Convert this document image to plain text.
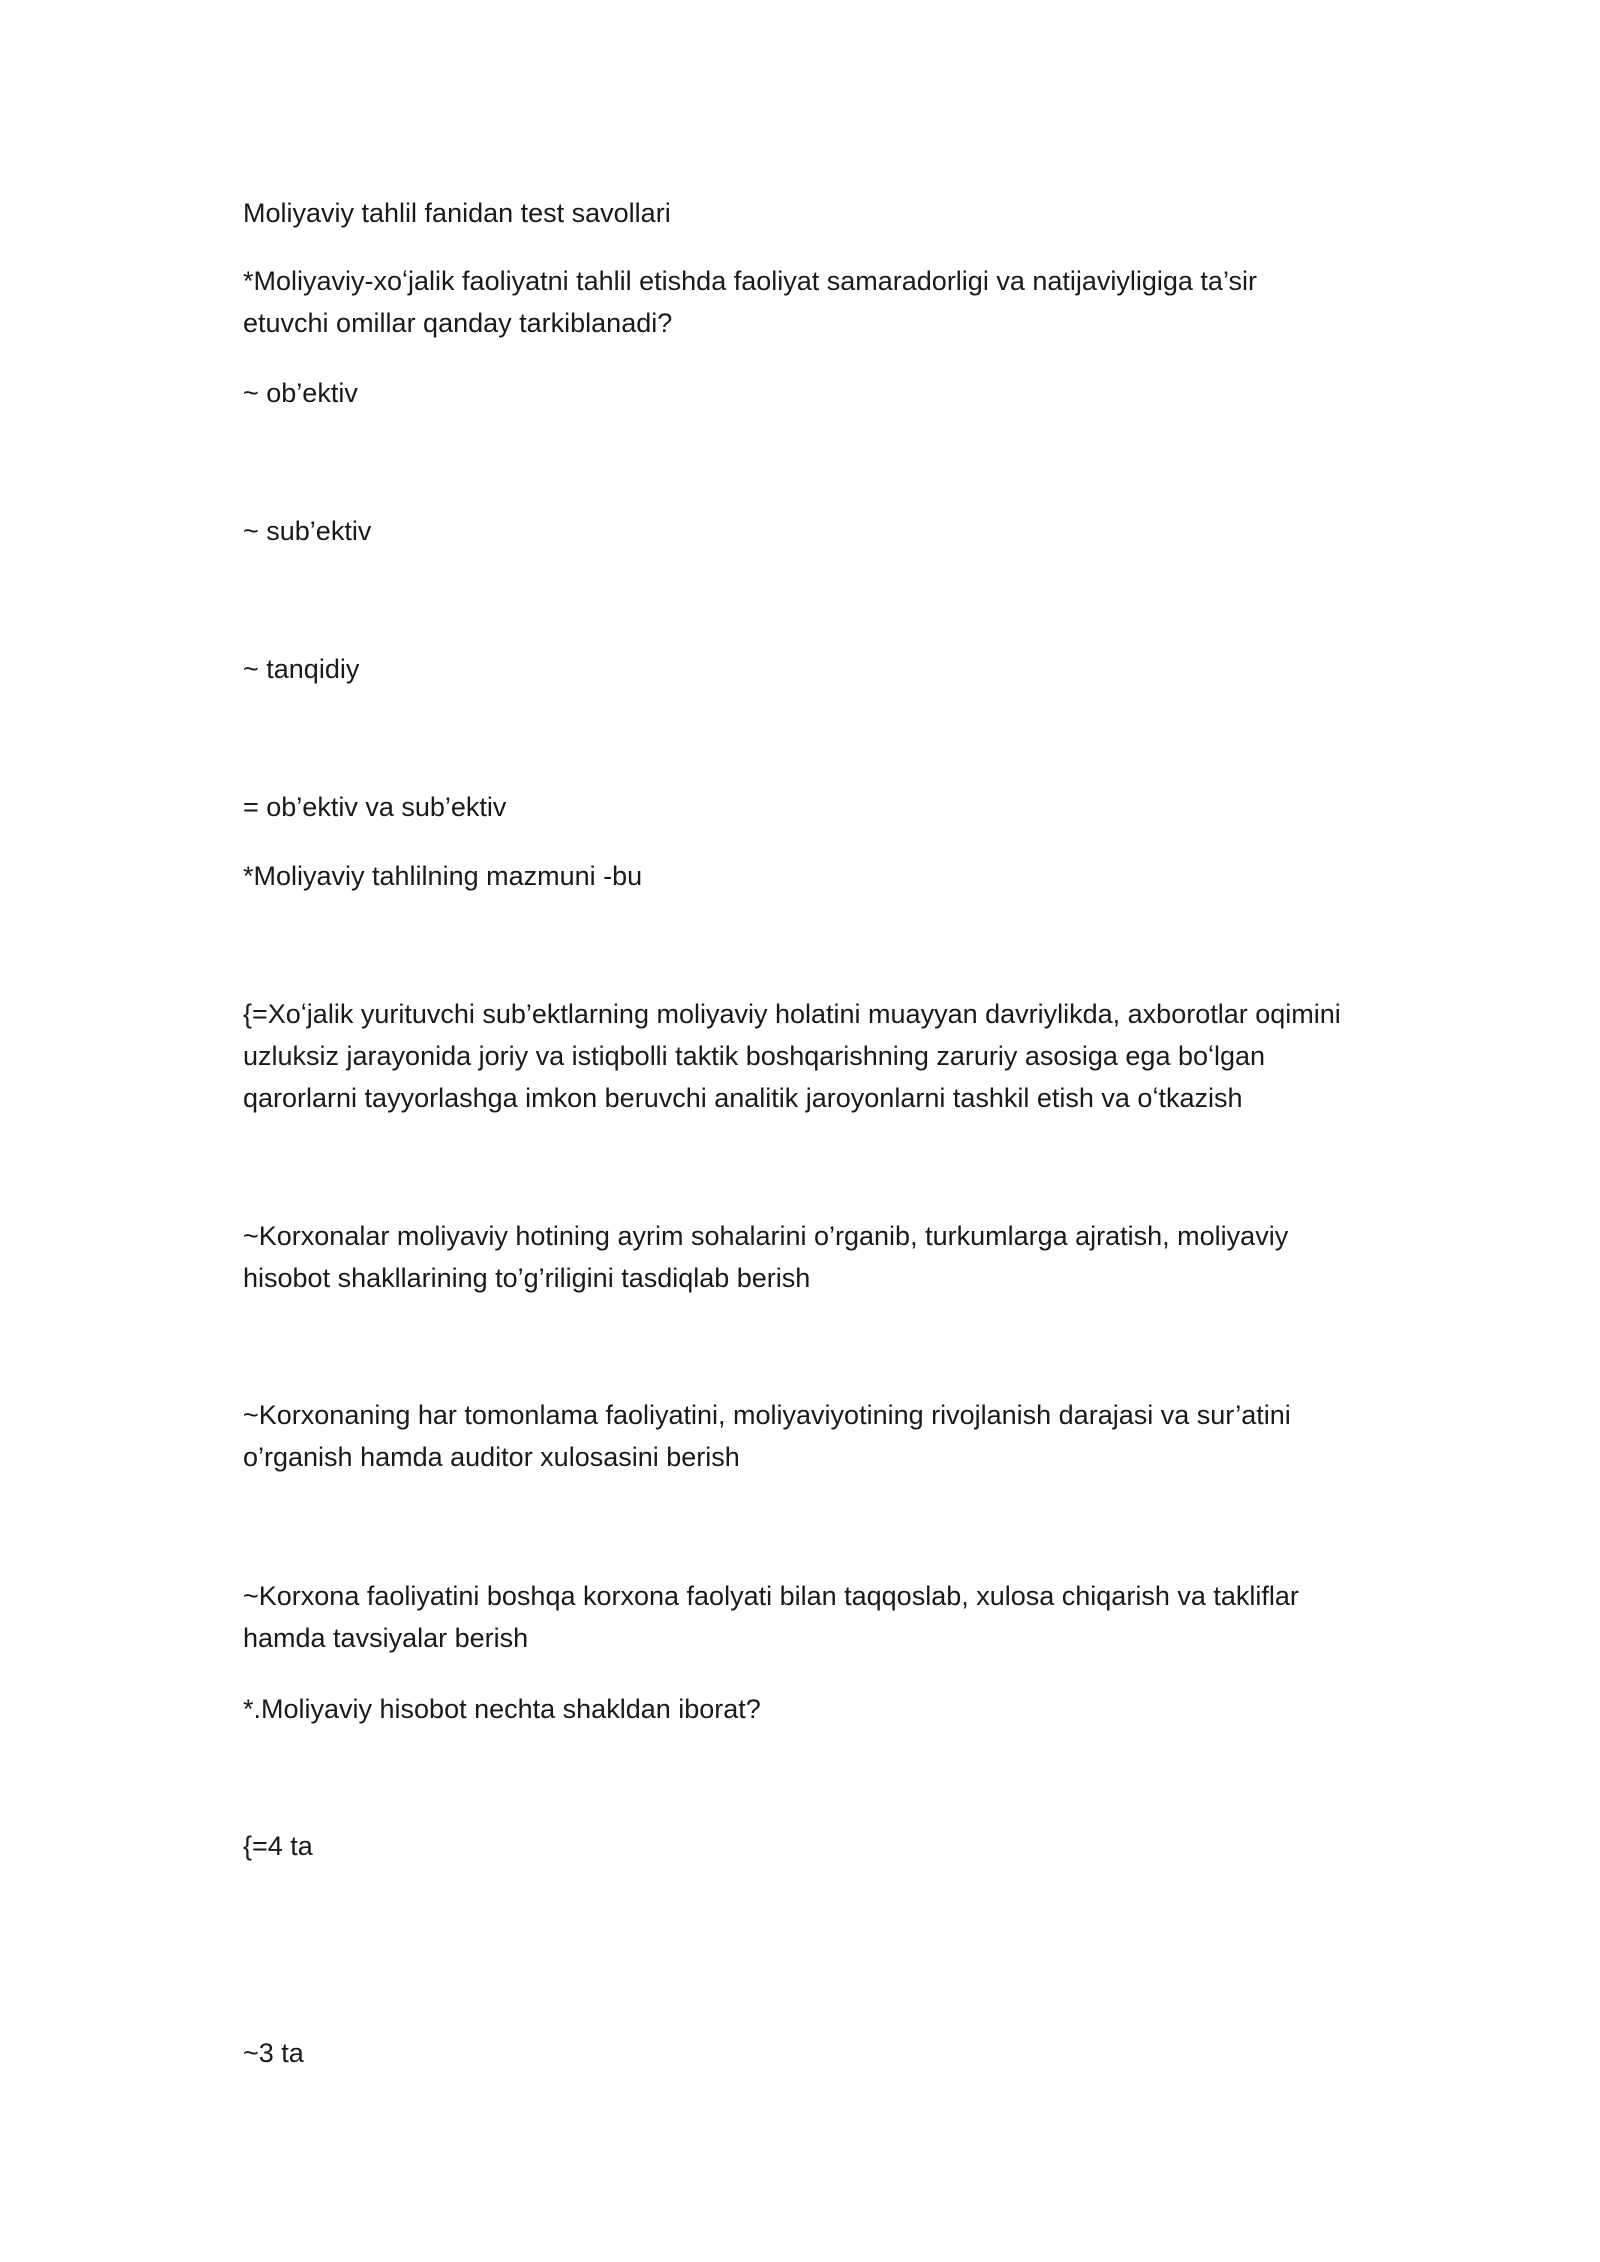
Moliyaviy tahlil fanidan test savollari

*Moliyaviy-xoʻjalik faoliyatni tahlil etishda faoliyat samaradorligi va natijaviyligiga ta’sir etuvchi omillar qanday tarkiblanadi?

~ ob’ektiv

~ sub’ektiv

~ tanqidiy

= ob’ektiv va sub’ektiv

*Moliyaviy tahlilning mazmuni -bu

{=Xoʻjalik yurituvchi sub’ektlarning moliyaviy holatini muayyan davriylikda, axborotlar oqimini uzluksiz jarayonida joriy va istiqbolli taktik boshqarishning zaruriy asosiga ega boʻlgan qarorlarni tayyorlashga imkon beruvchi analitik jaroyonlarni tashkil etish va oʻtkazish

~Korxonalar moliyaviy hotining ayrim sohalarini o’rganib, turkumlarga ajratish, moliyaviy hisobot shakllarining to’g’riligini tasdiqlab berish

~Korxonaning har tomonlama faoliyatini, moliyaviyotining rivojlanish darajasi va sur’atini o’rganish hamda auditor xulosasini berish

~Korxona faoliyatini boshqa korxona faolyati bilan taqqoslab, xulosa chiqarish va takliflar hamda tavsiyalar berish

*.Moliyaviy hisobot nechta shakldan iborat?

{=4 ta

~3 ta
